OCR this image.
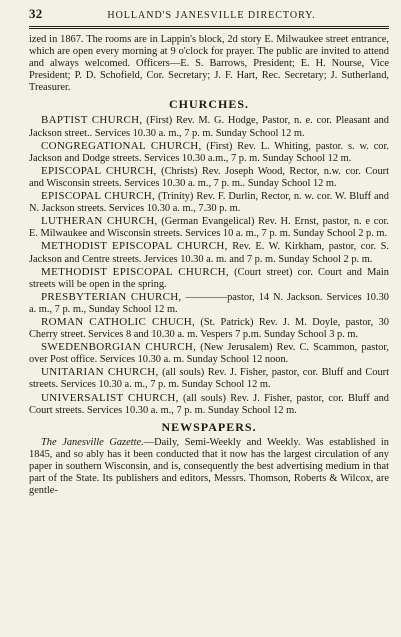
32	HOLLAND'S JANESVILLE DIRECTORY.

ized in 1867. The rooms are in Lappin's block, 2d story E. Milwaukee street entrance, which are open every morning at 9 o'clock for prayer. The public are invited to attend and always welcomed. Officers—E. S. Barrows, President; E. H. Nourse, Vice President; P. D. Schofield, Cor. Secretary; J. F. Hart, Rec. Secretary; J. Sutherland, Treasurer.

CHURCHES.

BAPTIST CHURCH, (First) Rev. M. G. Hodge, Pastor, n. e. cor. Pleasant and Jackson street.. Services 10.30 a. m., 7 p. m. Sunday School 12 m.

CONGREGATIONAL CHURCH, (First) Rev. L. Whiting, pastor. s. w. cor. Jackson and Dodge streets. Services 10.30 a.m., 7 p. m. Sunday School 12 m.

EPISCOPAL CHURCH, (Christs) Rev. Joseph Wood, Rector, n.w. cor. Court and Wisconsin streets. Services 10.30 a. m., 7 p. m.. Sunday School 12 m.

EPISCOPAL CHURCH, (Trinity) Rev. F. Durlin, Rector, n. w. cor. W. Bluff and N. Jackson streets. Services 10.30 a. m., 7.30 p. m.

LUTHERAN CHURCH, (German Evangelical) Rev. H. Ernst, pastor, n. e cor. E. Milwaukee and Wisconsin streets. Services 10 a. m., 7 p. m. Sunday School 2 p. m.

METHODIST EPISCOPAL CHURCH, Rev. E. W. Kirkham, pastor, cor. S. Jackson and Centre streets. Jervices 10.30 a. m. and 7 p. m. Sunday School 2 p. m.

METHODIST EPISCOPAL CHURCH, (Court street) cor. Court and Main streets will be open in the spring.

PRESBYTERIAN CHURCH, ————pastor, 14 N. Jackson. Services 10.30 a. m., 7 p. m., Sunday School 12 m.

ROMAN CATHOLIC CHUCH, (St. Patrick) Rev. J. M. Doyle, pastor, 30 Cherry street. Services 8 and 10.30 a. m. Vespers 7 p.m. Sunday School 3 p. m.

SWEDENBORGIAN CHURCH, (New Jerusalem) Rev. C. Scammon, pastor, over Post office. Services 10.30 a. m. Sunday School 12 noon.

UNITARIAN CHURCH, (all souls) Rev. J. Fisher, pastor, cor. Bluff and Court streets. Services 10.30 a. m., 7 p. m. Sunday School 12 m.

UNIVERSALIST CHURCH, (all souls) Rev. J. Fisher, pastor, cor. Bluff and Court streets. Services 10.30 a. m., 7 p. m. Sunday School 12 m.

NEWSPAPERS.

The Janesville Gazette.—Daily, Semi-Weekly and Weekly. Was established in 1845, and so ably has it been conducted that it now has the largest circulation of any paper in southern Wisconsin, and is, consequently the best advertising medium in that part of the State. Its publishers and editors, Messrs. Thomson, Roberts & Wilcox, are gentle-
